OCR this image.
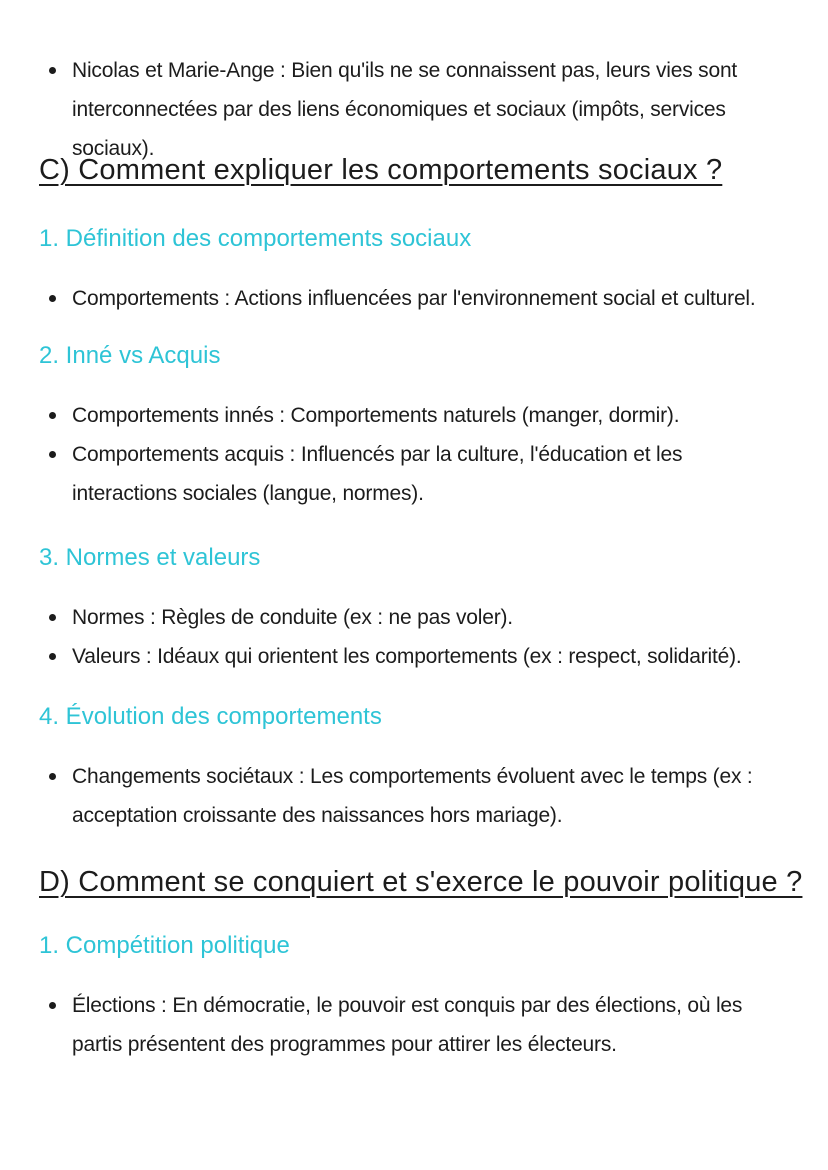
Nicolas et Marie-Ange : Bien qu'ils ne se connaissent pas, leurs vies sont interconnectées par des liens économiques et sociaux (impôts, services sociaux).
C) Comment expliquer les comportements sociaux ?
1. Définition des comportements sociaux
Comportements : Actions influencées par l'environnement social et culturel.
2. Inné vs Acquis
Comportements innés : Comportements naturels (manger, dormir).
Comportements acquis : Influencés par la culture, l'éducation et les interactions sociales (langue, normes).
3. Normes et valeurs
Normes : Règles de conduite (ex : ne pas voler).
Valeurs : Idéaux qui orientent les comportements (ex : respect, solidarité).
4. Évolution des comportements
Changements sociétaux : Les comportements évoluent avec le temps (ex : acceptation croissante des naissances hors mariage).
D) Comment se conquiert et s'exerce le pouvoir politique ?
1. Compétition politique
Élections : En démocratie, le pouvoir est conquis par des élections, où les partis présentent des programmes pour attirer les électeurs.
